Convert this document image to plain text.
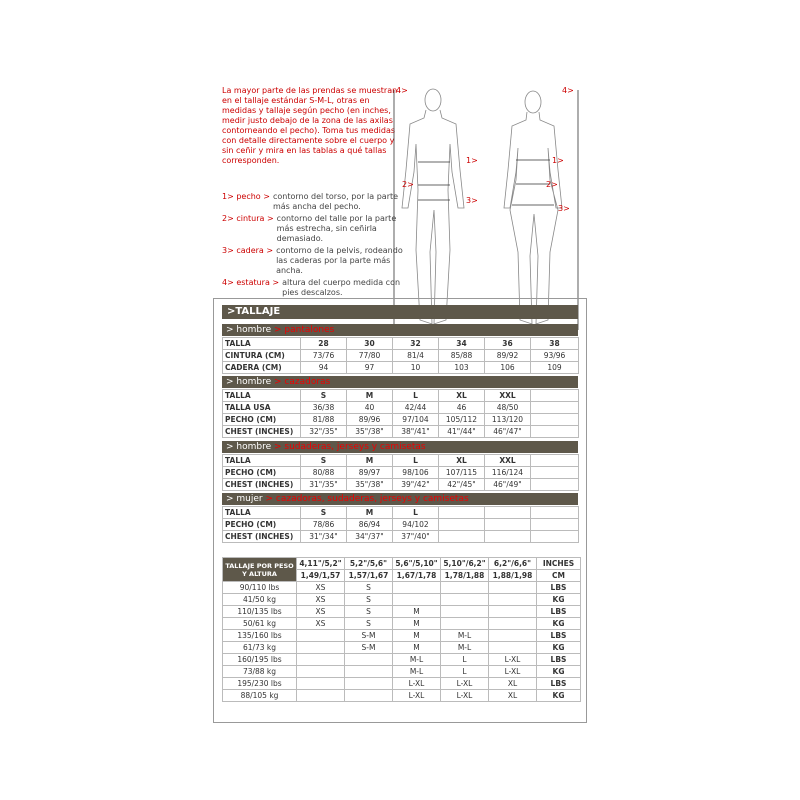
La mayor parte de las prendas se muestran en el tallaje estándar S-M-L, otras en medidas y tallaje según pecho (en inches, medir justo debajo de la zona de las axilas contorneando el pecho). Toma tus medidas con detalle directamente sobre el cuerpo y sin ceñir y mira en las tablas a qué tallas corresponden.

1> pecho > contorno del torso, por la parte más ancha del pecho.
2> cintura > contorno del talle por la parte más estrecha, sin ceñirla demasiado.
3> cadera > contorno de la pelvis, rodeando las caderas por la parte más ancha.
4> estatura > altura del cuerpo medida con pies descalzos.
1>
2>
3>
4>
1>
2>
3>
4>
>TALLAJE
> hombre > pantalones
TALLA	28	30	32	34	36	38
CINTURA (CM)	73/76	77/80	81/4	85/88	89/92	93/96
CADERA (CM)	94	97	10	103	106	109
> hombre > cazadoras
TALLA	S	M	L	XL	XXL	
TALLA USA	36/38	40	42/44	46	48/50	
PECHO (CM)	81/88	89/96	97/104	105/112	113/120	
CHEST (INCHES)	32"/35"	35"/38"	38"/41"	41"/44"	46"/47"	
> hombre > sudaderas, jerseys y camisetas
TALLA	S	M	L	XL	XXL	
PECHO (CM)	80/88	89/97	98/106	107/115	116/124	
CHEST (INCHES)	31"/35"	35"/38"	39"/42"	42"/45"	46"/49"	
> mujer > cazadoras, sudaderas, jerseys y camisetas
TALLA	S	M	L			
PECHO (CM)	78/86	86/94	94/102			
CHEST (INCHES)	31"/34"	34"/37"	37"/40"			
TALLAJE POR PESO Y ALTURA	4,11"/5,2"	5,2"/5,6"	5,6"/5,10"	5,10"/6,2"	6,2"/6,6"	INCHES
	1,49/1,57	1,57/1,67	1,67/1,78	1,78/1,88	1,88/1,98	CM
90/110 lbs	XS	S				LBS
41/50 kg	XS	S				KG
110/135 lbs	XS	S	M			LBS
50/61 kg	XS	S	M			KG
135/160 lbs		S-M	M	M-L		LBS
61/73 kg		S-M	M	M-L		KG
160/195 lbs			M-L	L	L-XL	LBS
73/88 kg			M-L	L	L-XL	KG
195/230 lbs			L-XL	L-XL	XL	LBS
88/105 kg			L-XL	L-XL	XL	KG
